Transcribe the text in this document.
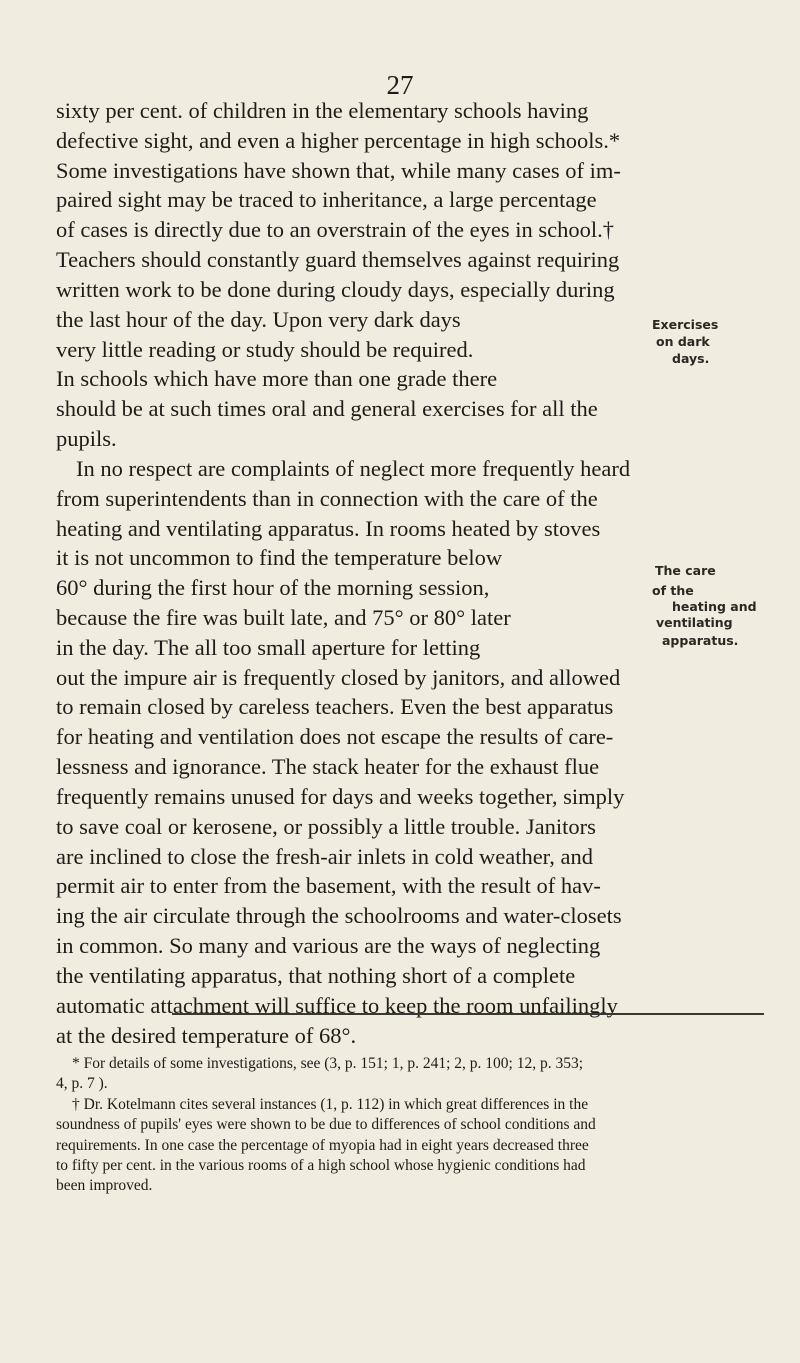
27
sixty per cent. of children in the elementary schools having
defective sight, and even a higher percentage in high schools.*
Some investigations have shown that, while many cases of im-
paired sight may be traced to inheritance, a large percentage
of cases is directly due to an overstrain of the eyes in school.†
Teachers should constantly guard themselves against requiring
written work to be done during cloudy days, especially during
the last hour of the day. Upon very dark days
very little reading or study should be required.
In schools which have more than one grade there
should be at such times oral and general exercises for all the
pupils.
In no respect are complaints of neglect more frequently heard
from superintendents than in connection with the care of the
heating and ventilating apparatus. In rooms heated by stoves
it is not uncommon to find the temperature below
60° during the first hour of the morning session,
because the fire was built late, and 75° or 80° later
in the day. The all too small aperture for letting
out the impure air is frequently closed by janitors, and allowed
to remain closed by careless teachers. Even the best apparatus
for heating and ventilation does not escape the results of care-
lessness and ignorance. The stack heater for the exhaust flue
frequently remains unused for days and weeks together, simply
to save coal or kerosene, or possibly a little trouble. Janitors
are inclined to close the fresh-air inlets in cold weather, and
permit air to enter from the basement, with the result of hav-
ing the air circulate through the schoolrooms and water-closets
in common. So many and various are the ways of neglecting
the ventilating apparatus, that nothing short of a complete
automatic attachment will suffice to keep the room unfailingly
at the desired temperature of 68°.
Exercises
on dark
days.
The care
of the
heating and
ventilating
apparatus.
* For details of some investigations, see (3, p. 151; 1, p. 241; 2, p. 100; 12, p. 353;
4, p. 7 ).
† Dr. Kotelmann cites several instances (1, p. 112) in which great differences in the
soundness of pupils' eyes were shown to be due to differences of school conditions and
requirements. In one case the percentage of myopia had in eight years decreased three
to fifty per cent. in the various rooms of a high school whose hygienic conditions had
been improved.
